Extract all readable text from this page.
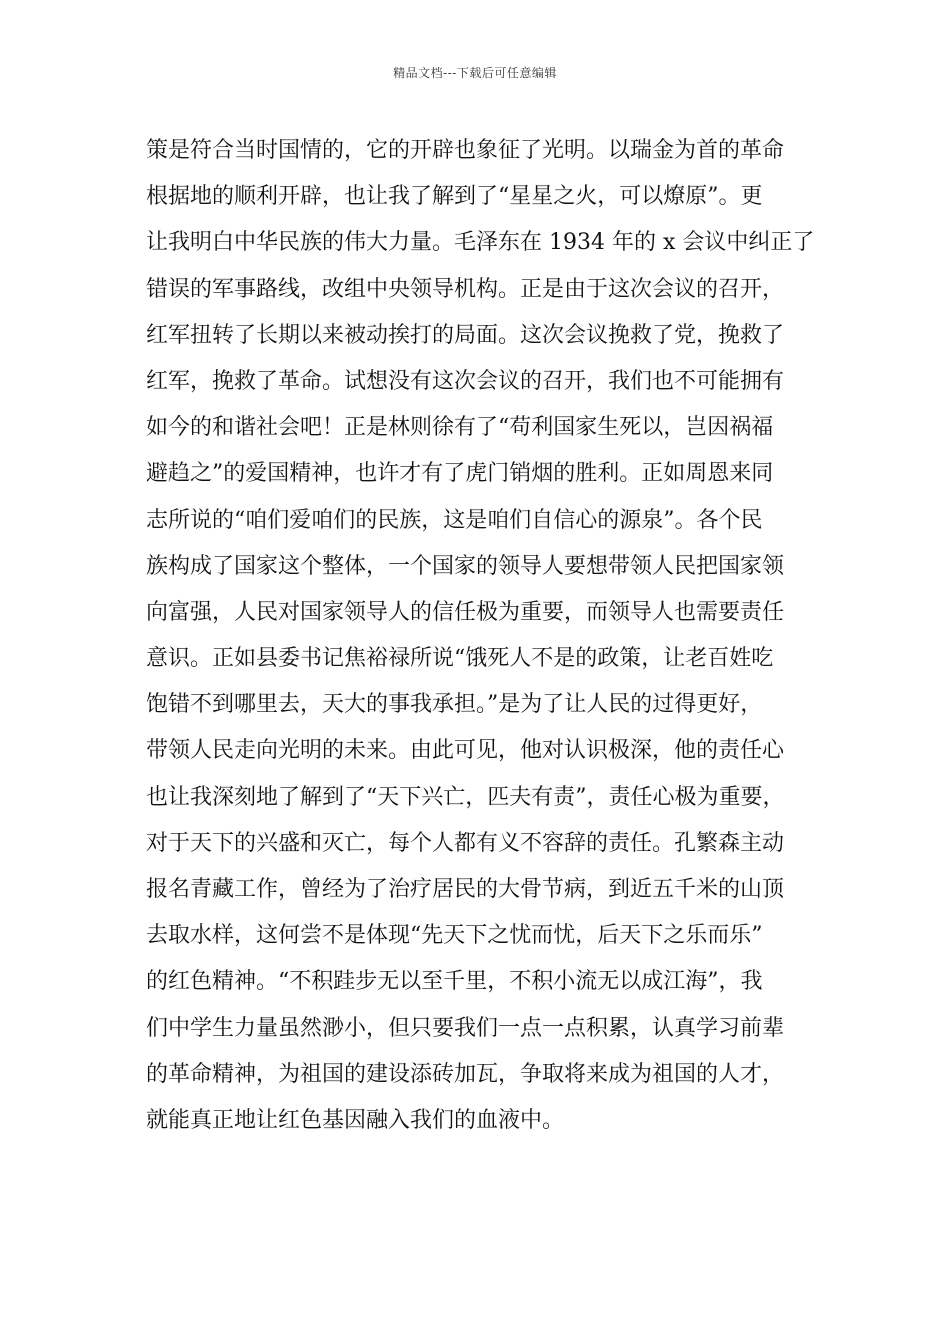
精品文档---下载后可任意编辑
策是符合当时国情的，它的开辟也象征了光明。以瑞金为首的革命
根据地的顺利开辟，也让我了解到了“星星之火，可以燎原”。更
让我明白中华民族的伟大力量。毛泽东在 1934 年的 x 会议中纠正了
错误的军事路线，改组中央领导机构。正是由于这次会议的召开，
红军扭转了长期以来被动挨打的局面。这次会议挽救了党，挽救了
红军，挽救了革命。试想没有这次会议的召开，我们也不可能拥有
如今的和谐社会吧！正是林则徐有了“苟利国家生死以，岂因祸福
避趋之”的爱国精神，也许才有了虎门销烟的胜利。正如周恩来同
志所说的“咱们爱咱们的民族，这是咱们自信心的源泉”。各个民
族构成了国家这个整体，一个国家的领导人要想带领人民把国家领
向富强，人民对国家领导人的信任极为重要，而领导人也需要责任
意识。正如县委书记焦裕禄所说“饿死人不是的政策，让老百姓吃
饱错不到哪里去，天大的事我承担。”是为了让人民的过得更好，
带领人民走向光明的未来。由此可见，他对认识极深，他的责任心
也让我深刻地了解到了“天下兴亡，匹夫有责”，责任心极为重要，
对于天下的兴盛和灭亡，每个人都有义不容辞的责任。孔繁森主动
报名青藏工作，曾经为了治疗居民的大骨节病，到近五千米的山顶
去取水样，这何尝不是体现“先天下之忧而忧，后天下之乐而乐”
的红色精神。“不积跬步无以至千里，不积小流无以成江海”，我
们中学生力量虽然渺小，但只要我们一点一点积累，认真学习前辈
的革命精神，为祖国的建设添砖加瓦，争取将来成为祖国的人才，
就能真正地让红色基因融入我们的血液中。
